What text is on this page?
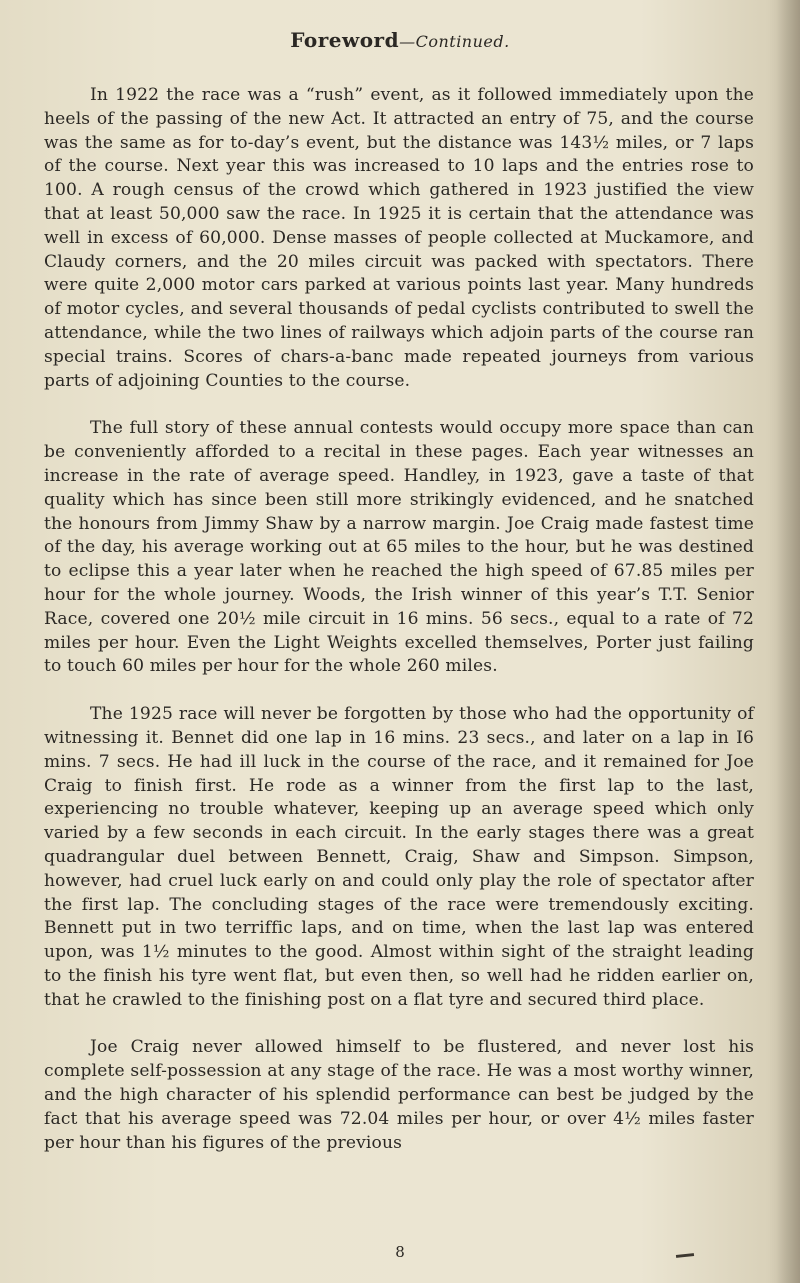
Foreword—Continued.

In 1922 the race was a “rush” event, as it followed immediately upon the heels of the passing of the new Act. It attracted an entry of 75, and the course was the same as for to-day’s event, but the distance was 143½ miles, or 7 laps of the course. Next year this was increased to 10 laps and the entries rose to 100. A rough census of the crowd which gathered in 1923 justified the view that at least 50,000 saw the race. In 1925 it is certain that the attendance was well in excess of 60,000. Dense masses of people collected at Muckamore, and Claudy corners, and the 20 miles circuit was packed with spectators. There were quite 2,000 motor cars parked at various points last year. Many hundreds of motor cycles, and several thousands of pedal cyclists contributed to swell the attendance, while the two lines of railways which adjoin parts of the course ran special trains. Scores of chars-a-banc made repeated journeys from various parts of adjoining Counties to the course.

The full story of these annual contests would occupy more space than can be conveniently afforded to a recital in these pages. Each year witnesses an increase in the rate of average speed. Handley, in 1923, gave a taste of that quality which has since been still more strikingly evidenced, and he snatched the honours from Jimmy Shaw by a narrow margin. Joe Craig made fastest time of the day, his average working out at 65 miles to the hour, but he was destined to eclipse this a year later when he reached the high speed of 67.85 miles per hour for the whole journey. Woods, the Irish winner of this year’s T.T. Senior Race, covered one 20½ mile circuit in 16 mins. 56 secs., equal to a rate of 72 miles per hour. Even the Light Weights excelled themselves, Porter just failing to touch 60 miles per hour for the whole 260 miles.

The 1925 race will never be forgotten by those who had the opportunity of witnessing it. Bennet did one lap in 16 mins. 23 secs., and later on a lap in I6 mins. 7 secs. He had ill luck in the course of the race, and it remained for Joe Craig to finish first. He rode as a winner from the first lap to the last, experiencing no trouble whatever, keeping up an average speed which only varied by a few seconds in each circuit. In the early stages there was a great quadrangular duel between Bennett, Craig, Shaw and Simpson. Simpson, however, had cruel luck early on and could only play the role of spectator after the first lap. The concluding stages of the race were tremendously exciting. Bennett put in two terriffic laps, and on time, when the last lap was entered upon, was 1½ minutes to the good. Almost within sight of the straight leading to the finish his tyre went flat, but even then, so well had he ridden earlier on, that he crawled to the finishing post on a flat tyre and secured third place.

Joe Craig never allowed himself to be flustered, and never lost his complete self-possession at any stage of the race. He was a most worthy winner, and the high character of his splendid performance can best be judged by the fact that his average speed was 72.04 miles per hour, or over 4½ miles faster per hour than his figures of the previous

8
